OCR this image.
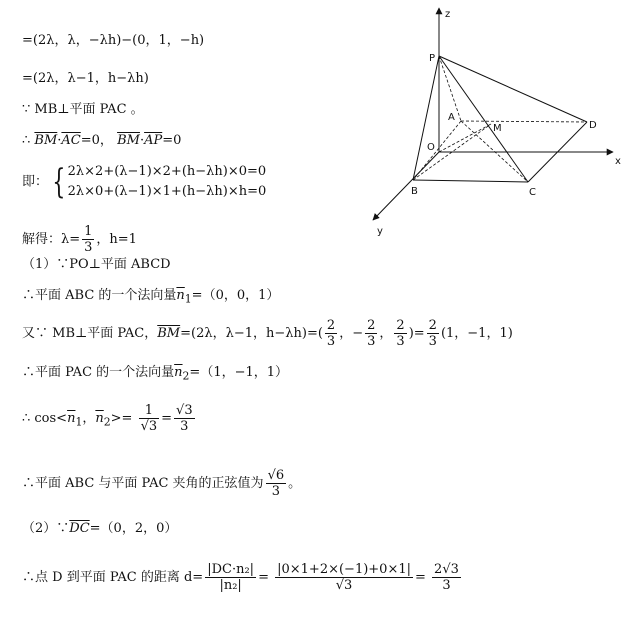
=(2λ，λ，−λh)−(0，1，−h)
=(2λ，λ−1，h−λh)
∵ MB⊥平面 PAC 。
∴ $\overline{BM}\cdot\overline{AC}=0$， $\overline{BM}\cdot\overline{AP}=0$
即： { 2λ×2+(λ−1)×2+(h−λh)×0=0
2λ×0+(λ−1)×1+(h−λh)×h=0
解得：$\lambda= \frac{1}{3}$ ，h=1
（1）∵PO⊥平面 ABCD
∴平面 ABC 的一个法向量$\overline{n}_1=(0$，0，1）
又∵ MB⊥平面 PAC，$\overline{BM}=(2\lambda$，λ−1，$h-\lambda h)=( \frac{2}{3}$ ，− $\frac{2}{3}$ ， $\frac{2}{3}$ )= $\frac{2}{3} (1$，−1，1)
∴平面 PAC 的一个法向量$\overline{n}_2=(1$，−1，1）
∴ $\cos<\overline{n}_1$，$\overline{n}_2>= \frac{1}{√3} = \frac{√3}{3}$
∴平面 ABC 与平面 PAC 夹角的正弦值为 $\frac{√6}{3}$ 。
$(2)\because\overline{DC}=(0$，2，0）
∴点 D 到平面 PAC 的距离 $d= \frac{\text{|DC·n₂|}}{\text{|n₂|}} = \frac{|0\times 1+2\times(-1)+0\times 1|}{√3} = \frac{2√3}{3}$
z
x
y
P
A
M	D
O
B	C
